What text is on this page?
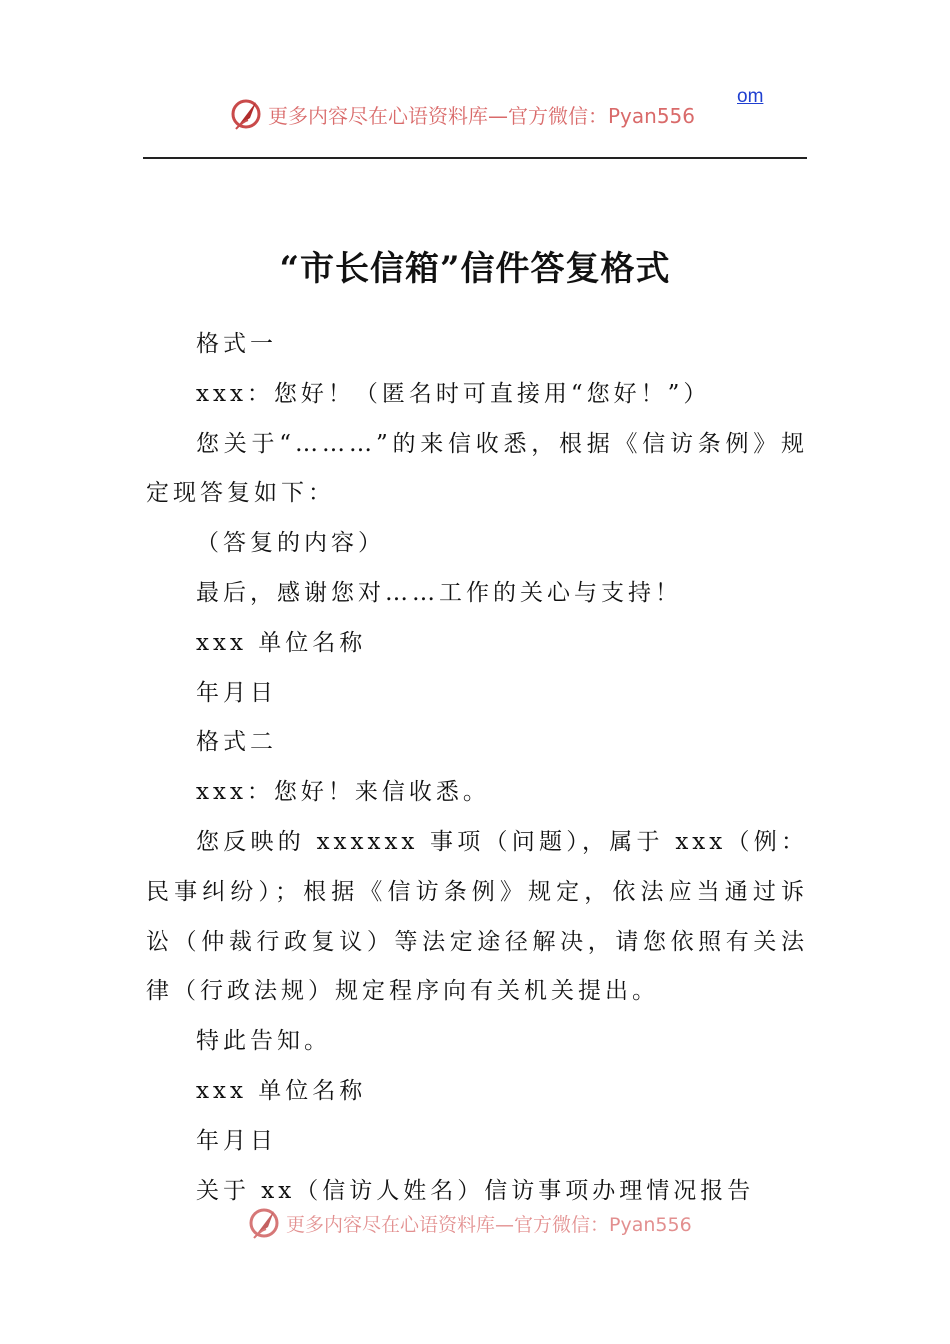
om
更多内容尽在心语资料库—官方微信：Pyan556
“市长信箱”信件答复格式

格式一

xxx：您好！（匿名时可直接用“您好！”）

您关于“………”的来信收悉，根据《信访条例》规定现答复如下：

（答复的内容）

最后，感谢您对……工作的关心与支持！

xxx 单位名称

年月日

格式二

xxx：您好！来信收悉。

您反映的 xxxxxx 事项（问题），属于 xxx（例：民事纠纷）；根据《信访条例》规定，依法应当通过诉讼（仲裁行政复议）等法定途径解决，请您依照有关法律（行政法规）规定程序向有关机关提出。

特此告知。

xxx 单位名称

年月日

关于 xx（信访人姓名）信访事项办理情况报告

更多内容尽在心语资料库—官方微信：Pyan556
